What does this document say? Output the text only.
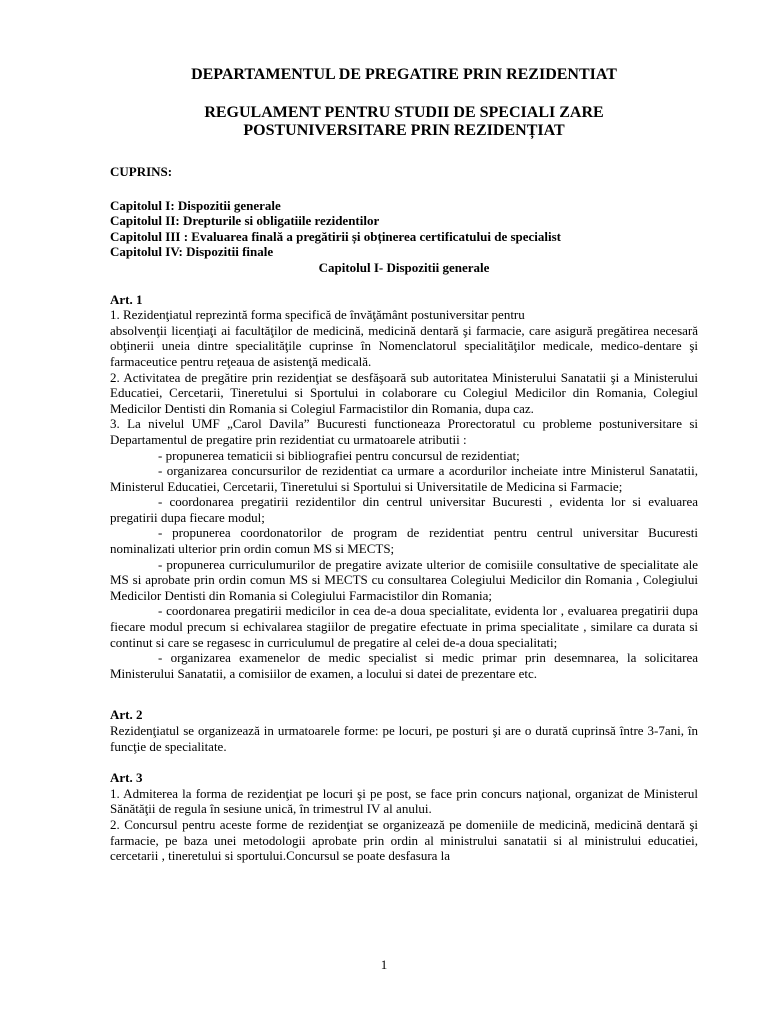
DEPARTAMENTUL DE PREGATIRE PRIN REZIDENTIAT

REGULAMENT PENTRU STUDII DE SPECIALI ZARE

POSTUNIVERSITARE PRIN REZIDENȚIAT

CUPRINS:

Capitolul I: Dispozitii generale

Capitolul II: Drepturile si obligatiile rezidentilor

Capitolul III : Evaluarea finală a pregătirii și obținerea certificatului de specialist

Capitolul IV: Dispozitii finale

Capitolul I- Dispozitii generale

Art. 1

1. Rezidenţiatul reprezintă forma specifică de învăţământ postuniversitar pentru

absolvenţii licenţiaţi ai facultăţilor de medicină, medicină dentară şi farmacie, care asigură pregătirea necesară obţinerii uneia dintre specialităţile cuprinse în Nomenclatorul specialităţilor medicale, medico-dentare şi farmaceutice pentru reţeaua de asistenţă medicală.

2. Activitatea de pregătire prin rezidenţiat se desfăşoară sub autoritatea Ministerului Sanatatii şi a Ministerului Educatiei, Cercetarii, Tineretului si Sportului in colaborare cu Colegiul Medicilor din Romania, Colegiul Medicilor Dentisti din Romania si Colegiul Farmacistilor din Romania, dupa caz.

3. La nivelul UMF „Carol Davila” Bucuresti functioneaza Prorectoratul cu probleme postuniversitare si Departamentul de pregatire prin rezidentiat cu urmatoarele atributii :

- propunerea tematicii si bibliografiei pentru concursul de rezidentiat;

- organizarea concursurilor de rezidentiat ca urmare a acordurilor incheiate intre Ministerul Sanatatii, Ministerul Educatiei, Cercetarii, Tineretului si Sportului si Universitatile de Medicina si Farmacie;

- coordonarea pregatirii rezidentilor din centrul universitar Bucuresti , evidenta lor si evaluarea pregatirii dupa fiecare modul;

- propunerea coordonatorilor de program de rezidentiat pentru centrul universitar Bucuresti nominalizati ulterior prin ordin comun MS si MECTS;

- propunerea curriculumurilor de pregatire avizate ulterior de comisiile consultative de specialitate ale MS si aprobate prin ordin comun MS si MECTS cu consultarea Colegiului Medicilor din Romania , Colegiului Medicilor Dentisti din Romania si Colegiului Farmacistilor din Romania;

- coordonarea pregatirii medicilor in cea de-a doua specialitate, evidenta lor , evaluarea pregatirii dupa fiecare modul precum si echivalarea stagiilor de pregatire efectuate in prima specialitate , similare ca durata si continut si care se regasesc in curriculumul de pregatire al celei de-a doua specialitati;

- organizarea examenelor de medic specialist si medic primar prin desemnarea, la solicitarea Ministerului Sanatatii, a comisiilor de examen, a locului si datei de prezentare etc.

Art. 2

Rezidenţiatul se organizează in urmatoarele forme: pe locuri, pe posturi şi are o durată cuprinsă între 3-7ani, în funcţie de specialitate.

Art. 3

1. Admiterea la forma de rezidenţiat pe locuri şi pe post, se face prin concurs naţional, organizat de Ministerul Sănătăţii de regula în sesiune unică, în trimestrul IV al anului.

2. Concursul pentru aceste forme de rezidenţiat se organizează pe domeniile de medicină, medicină dentară şi farmacie, pe baza unei metodologii aprobate prin ordin al ministrului sanatatii si al ministrului educatiei, cercetarii , tineretului si sportului.Concursul se poate desfasura la

1
